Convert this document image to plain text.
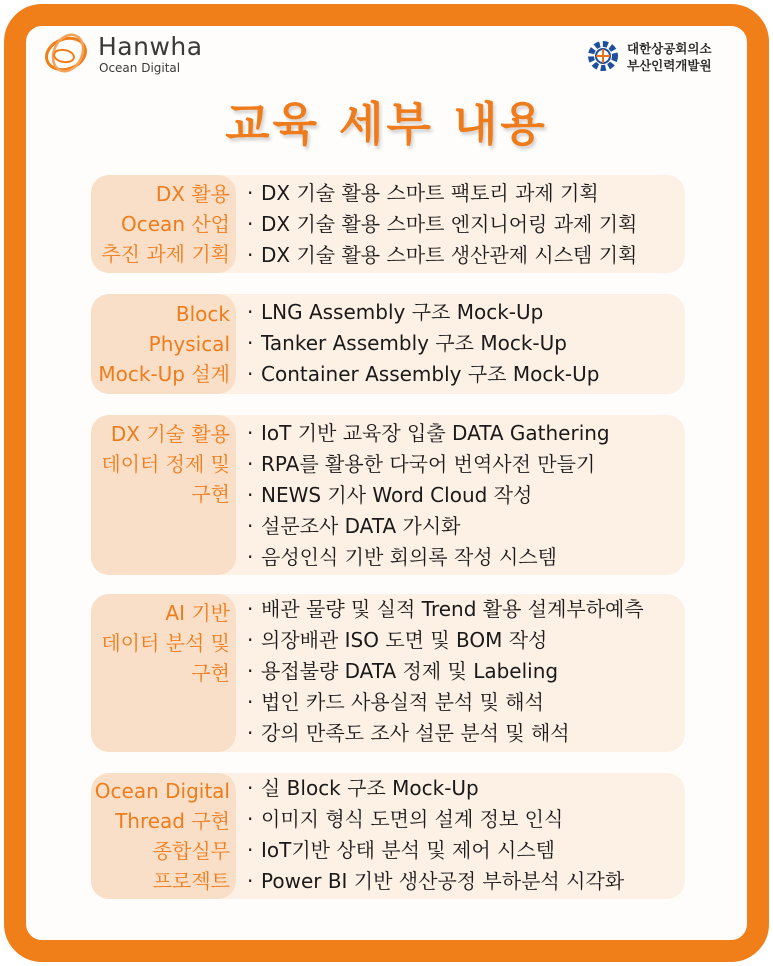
Hanwha
Ocean Digital
대한상공회의소
부산인력개발원
교육 세부 내용
DX 활용
Ocean 산업
추진 과제 기획
· DX 기술 활용 스마트 팩토리 과제 기획
· DX 기술 활용 스마트 엔지니어링 과제 기획
· DX 기술 활용 스마트 생산관제 시스템 기획
Block
Physical
Mock-Up 설계
· LNG Assembly 구조 Mock-Up
· Tanker Assembly 구조 Mock-Up
· Container Assembly 구조 Mock-Up
DX 기술 활용
데이터 정제 및
구현
· IoT 기반 교육장 입출 DATA Gathering
· RPA를 활용한 다국어 번역사전 만들기
· NEWS 기사 Word Cloud 작성
· 설문조사 DATA 가시화
· 음성인식 기반 회의록 작성 시스템
AI 기반
데이터 분석 및
구현
· 배관 물량 및 실적 Trend 활용 설계부하예측
· 의장배관 ISO 도면 및 BOM 작성
· 용접불량 DATA 정제 및 Labeling
· 법인 카드 사용실적 분석 및 해석
· 강의 만족도 조사 설문 분석 및 해석
Ocean Digital
Thread 구현
종합실무
프로젝트
· 실 Block 구조 Mock-Up
· 이미지 형식 도면의 설계 정보 인식
· IoT기반 상태 분석 및 제어 시스템
· Power BI 기반 생산공정 부하분석 시각화
